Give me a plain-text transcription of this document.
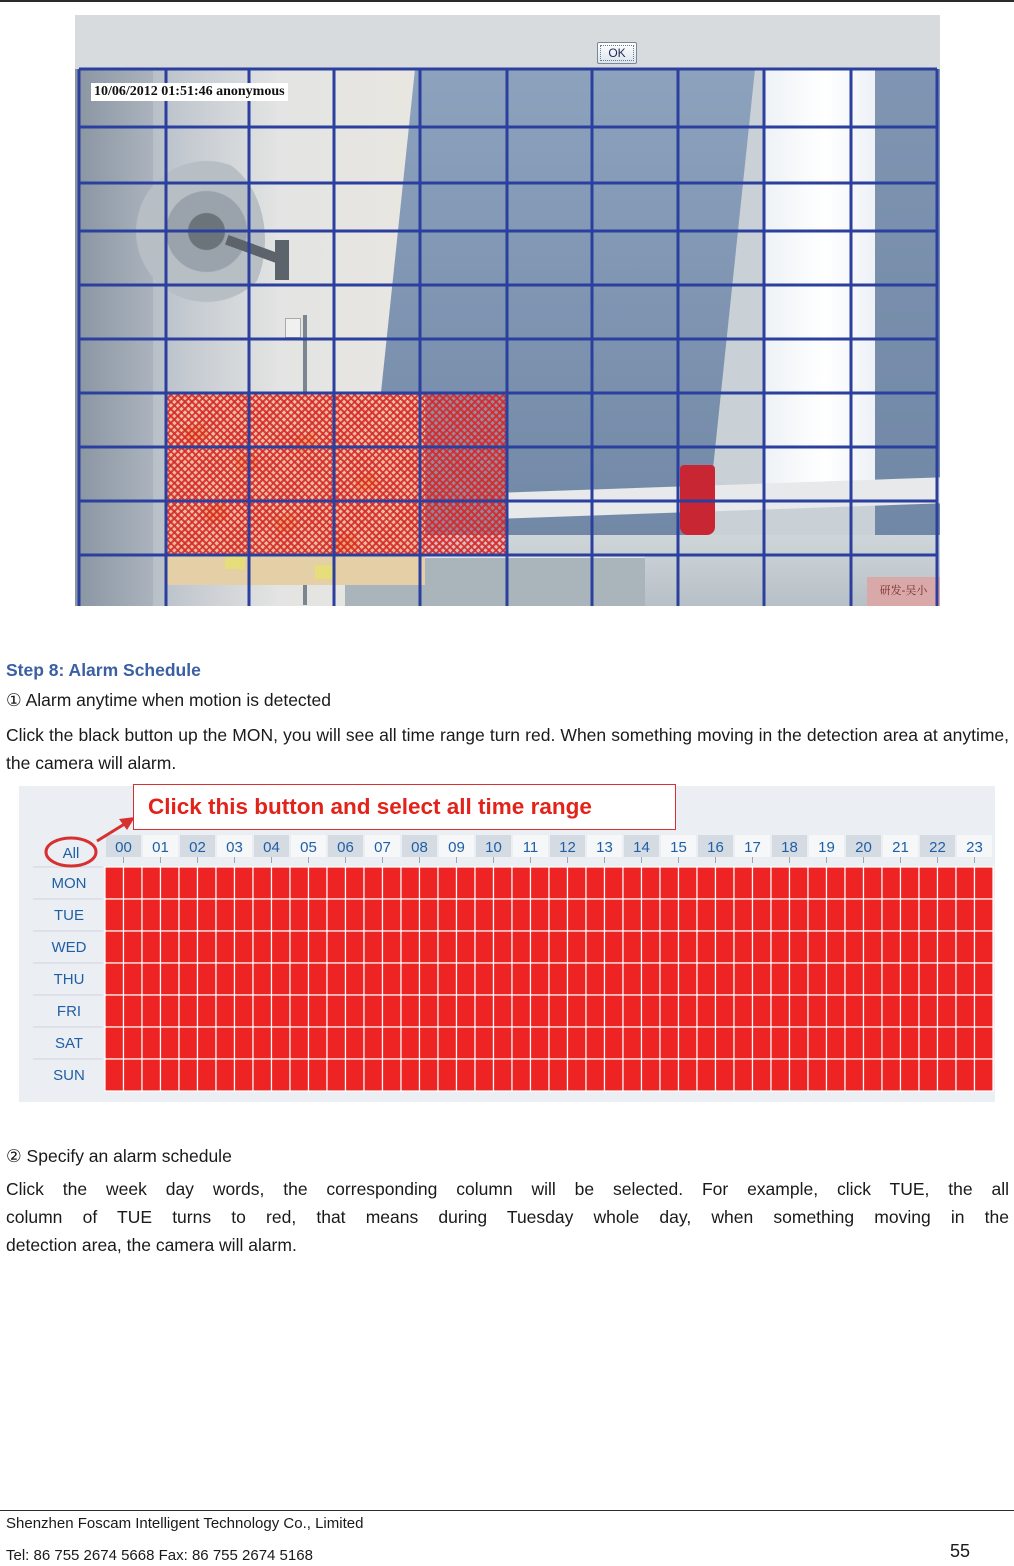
研发-吴小
OK
10/06/2012 01:51:46 anonymous
Step 8: Alarm Schedule
① Alarm anytime when motion is detected
Click the black button up the MON, you will see all time range turn red. When something moving in the detection area at anytime, the camera will alarm.
00 01 02 03 04 05 06 07 08 09 10 11 12 13 14 15 16 17 18 19 20 21 22 23
MON
TUE
WED
THU
FRI
SAT
SUN
All
Click this button and select all time range
② Specify an alarm schedule
Click the week day words, the corresponding column will be selected. For example, click TUE, the all
column of TUE turns to red, that means during Tuesday whole day, when something moving in the
detection area, the camera will alarm.
Shenzhen Foscam Intelligent Technology Co., Limited
Tel: 86 755 2674 5668 Fax: 86 755 2674 5168	55
